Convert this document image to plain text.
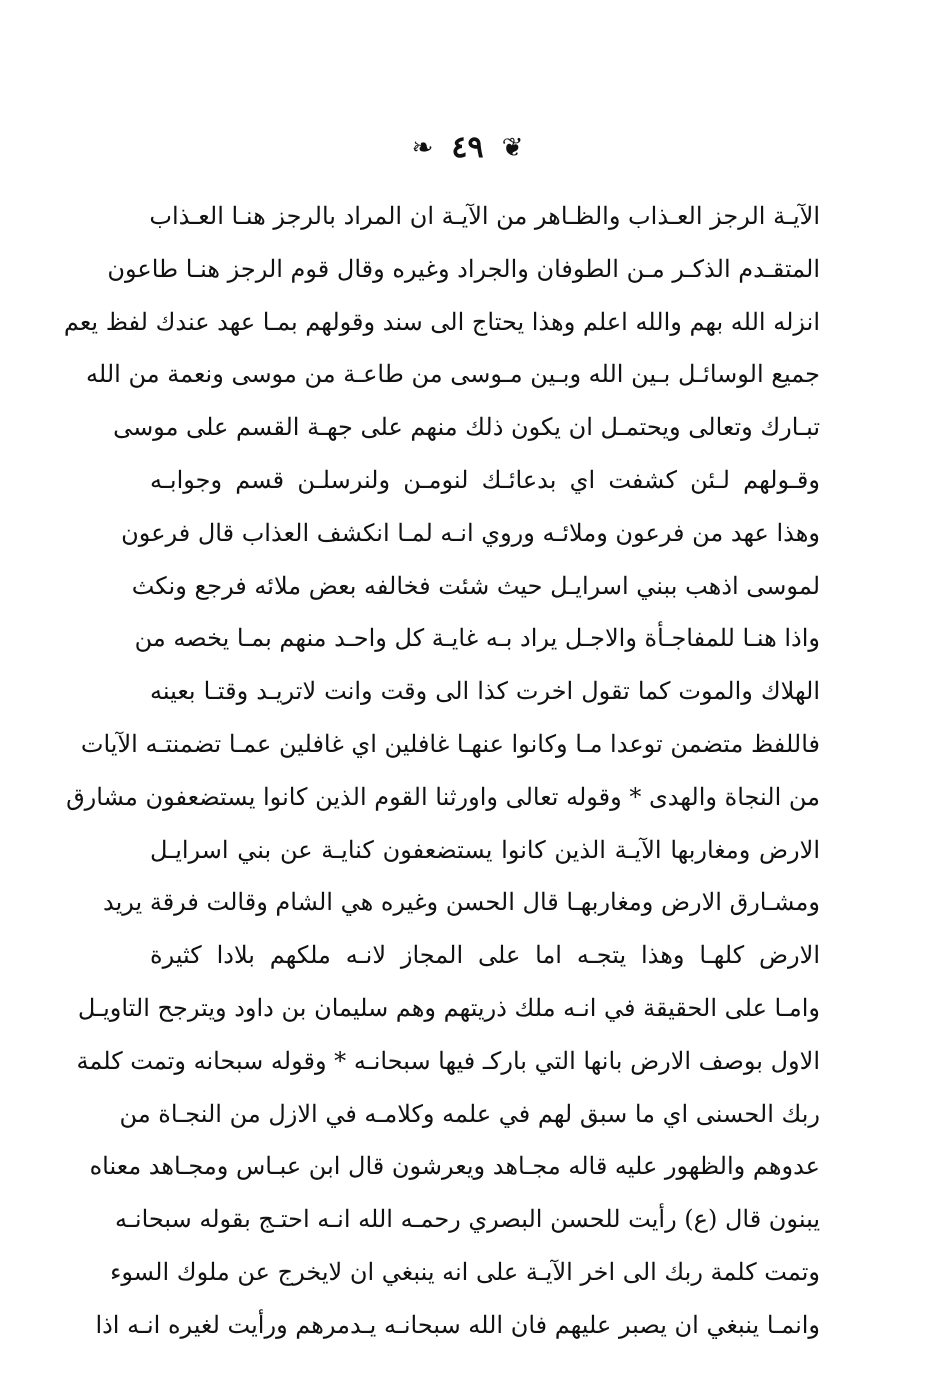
❦
٤٩
❧
الآيـة الرجز العـذاب والظـاهر من الآيـة ان المراد بالرجز هنـا العـذاب
المتقـدم الذكـر مـن الطوفان والجراد وغيره وقال قوم الرجز هنـا طاعون
انزله الله بهم والله اعلم وهذا يحتاج الى سند وقولهم بمـا عهد عندك لفظ يعم
جميع الوسائـل بـين الله وبـين مـوسى من طاعـة من موسى ونعمة من الله
تبـارك وتعالى ويحتمـل ان يكون ذلك منهم على جهـة القسم على موسى
وقـولهم لـئن كشفت اي بدعائـك لنومـن ولنرسلـن قسم وجوابـه
وهذا عهد من فرعون وملائـه وروي انـه لمـا انكشف العذاب قال فرعون
لموسى اذهب ببني اسرايـل حيث شئت فخالفه بعض ملائه فرجع ونكث
واذا هنـا للمفاجـأة والاجـل يراد بـه غايـة كل واحـد منهم بمـا يخصه من
الهلاك والموت كما تقول اخرت كذا الى وقت وانت لاتريـد وقتـا بعينه
فاللفظ متضمن توعدا مـا وكانوا عنهـا غافلين اي غافلين عمـا تضمنتـه الآيات
من النجاة والهدى * وقوله تعالى واورثنا القوم الذين كانوا يستضعفون مشارق
الارض ومغاربها الآيـة الذين كانوا يستضعفون كنايـة عن بني اسرايـل
ومشـارق الارض ومغاربهـا قال الحسن وغيره هي الشام وقالت فرقة يريد
الارض كلهـا وهذا يتجـه اما على المجاز لانـه ملكهم بلادا كثيرة
وامـا على الحقيقة في انـه ملك ذريتهم وهم سليمان بن داود ويترجح التاويـل
الاول بوصف الارض بانها التي باركـ فيها سبحانـه * وقوله سبحانه وتمت كلمة
ربك الحسنى اي ما سبق لهم في علمه وكلامـه في الازل من النجـاة من
عدوهم والظهور عليه قاله مجـاهد ويعرشون قال ابن عبـاس ومجـاهد معناه
يبنون قال (ع) رأيت للحسن البصري رحمـه الله انـه احتـج بقوله سبحانـه
وتمت كلمة ربك الى اخر الآيـة على انه ينبغي ان لايخرج عن ملوك السوء
وانمـا ينبغي ان يصبر عليهم فان الله سبحانـه يـدمرهم ورأيت لغيره انـه اذا
